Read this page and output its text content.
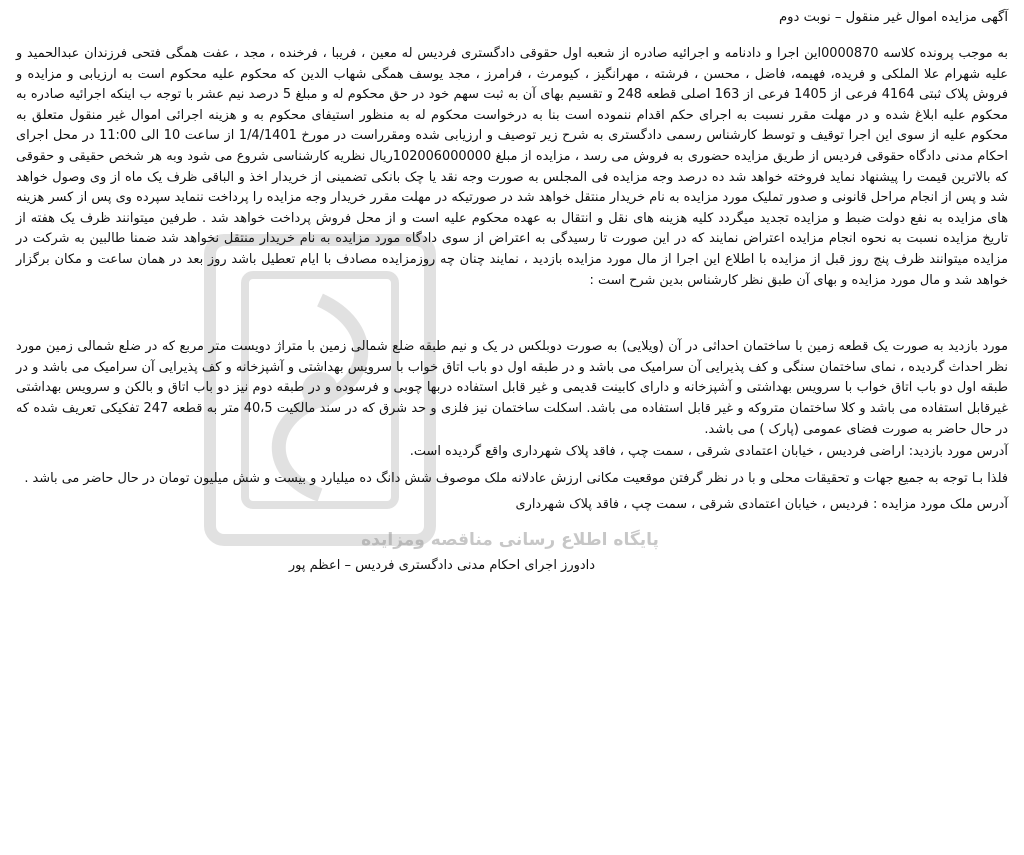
پایگاه اطلاع رسانی مناقصه ومزایده
آگهی مزایده اموال غیر منقول – نوبت دوم

به موجب پرونده کلاسه 0000870این اجرا و دادنامه و اجرائیه صادره از شعبه اول حقوقی دادگستری فردیس له معین ، فریبا ، فرخنده ، مجد ، عفت همگی فتحی فرزندان عبدالحمید و علیه شهرام علا الملکی و فریده، فهیمه، فاضل ، محسن ، فرشته ، مهرانگیز ، کیومرث ، فرامرز ، مجد یوسف همگی شهاب الدین که محکوم علیه محکوم است به ارزیابی و مزایده و فروش پلاک ثبتی 4164 فرعی از 1405 فرعی از 163 اصلی قطعه 248 و تقسیم بهای آن به ثبت سهم خود در حق محکوم له و مبلغ 5 درصد نیم عشر با توجه ب اینکه اجرائیه صادره به محکوم علیه ابلاغ شده و در مهلت مقرر نسبت به اجرای حکم اقدام ننموده است بنا به درخواست محکوم له به منظور استیفای محکوم به و هزینه اجرائی اموال غیر منقول متعلق به محکوم علیه از سوی این اجرا توقیف و توسط کارشناس رسمی دادگستری به شرح زیر توصیف و ارزیابی شده ومقرراست در مورخ 1/4/1401 از ساعت 10 الی 11:00 در محل اجرای احکام مدنی دادگاه حقوقی فردیس از طریق مزایده حضوری به فروش می رسد ، مزایده از مبلغ 102006000000ریال نظریه کارشناسی شروع می شود وبه هر شخص حقیقی و حقوقی که بالاترین قیمت را پیشنهاد نماید فروخته خواهد شد ده درصد وجه مزایده فی المجلس به صورت وجه نقد یا چک بانکی تضمینی از خریدار اخذ و الباقی ظرف یک ماه از وی وصول خواهد شد و پس از انجام مراحل قانونی و صدور تملیک مورد مزایده به نام خریدار منتقل خواهد شد در صورتیکه در مهلت مقرر خریدار وجه مزایده را پرداخت ننماید سپرده وی پس از کسر هزینه های مزایده به نفع دولت ضبط و مزایده تجدید میگردد کلیه هزینه های نقل و انتقال به عهده محکوم علیه است و از محل فروش پرداخت خواهد شد . طرفین میتوانند ظرف یک هفته از تاریخ مزایده نسبت به نحوه انجام مزایده اعتراض نمایند که در این صورت تا رسیدگی به اعتراض از سوی دادگاه مورد مزایده به نام خریدار منتقل نخواهد شد ضمنا طالبین به شرکت در مزایده میتوانند ظرف پنج روز قبل از مزایده با اطلاع این اجرا از مال مورد مزایده بازدید ، نمایند چنان چه روزمزایده مصادف با ایام تعطیل باشد روز بعد در همان ساعت و مکان برگزار خواهد شد و مال مورد مزایده و بهای آن طبق نظر کارشناس بدین شرح است :

مورد بازدید به صورت یک قطعه زمین با ساختمان احداثی در آن (ویلایی) به صورت دوبلکس در یک و نیم طبقه ضلع شمالی زمین با متراژ دویست متر مربع که در ضلع شمالی زمین مورد نظر احداث گردیده ، نمای ساختمان سنگی و کف پذیرایی آن سرامیک می باشد و در طبقه اول دو باب اتاق خواب با سرویس بهداشتی و آشپزخانه و کف پذیرایی آن سرامیک می باشد و در طبقه اول دو باب اتاق خواب با سرویس بهداشتی و آشپزخانه و دارای کابینت قدیمی و غیر قابل استفاده دربها چوبی و فرسوده و در طبقه دوم نیز دو باب اتاق و بالکن و سرویس بهداشتی غیرقابل استفاده می باشد و کلا ساختمان متروکه و غیر قابل استفاده می باشد. اسکلت ساختمان نیز فلزی و حد شرق که در سند مالکیت 40،5 متر به قطعه 247 تفکیکی تعریف شده که در حال حاضر به صورت فضای عمومی (پارک ) می باشد.

آدرس مورد بازدید: اراضی فردیس ، خیابان اعتمادی شرقی ، سمت چپ ، فاقد پلاک شهرداری واقع گردیده است.

فلذا بـا توجه به جمیع جهات و تحقیقات محلی و با در نظر گرفتن موقعیت مکانی ارزش عادلانه ملک موصوف شش دانگ ده میلیارد و بیست و شش میلیون تومان در حال حاضر می باشد .

آدرس ملک مورد مزایده : فردیس ، خیابان اعتمادی شرقی ، سمت چپ ، فاقد پلاک شهرداری

دادورز اجرای احکام مدنی دادگستری فردیس – اعظم پور
